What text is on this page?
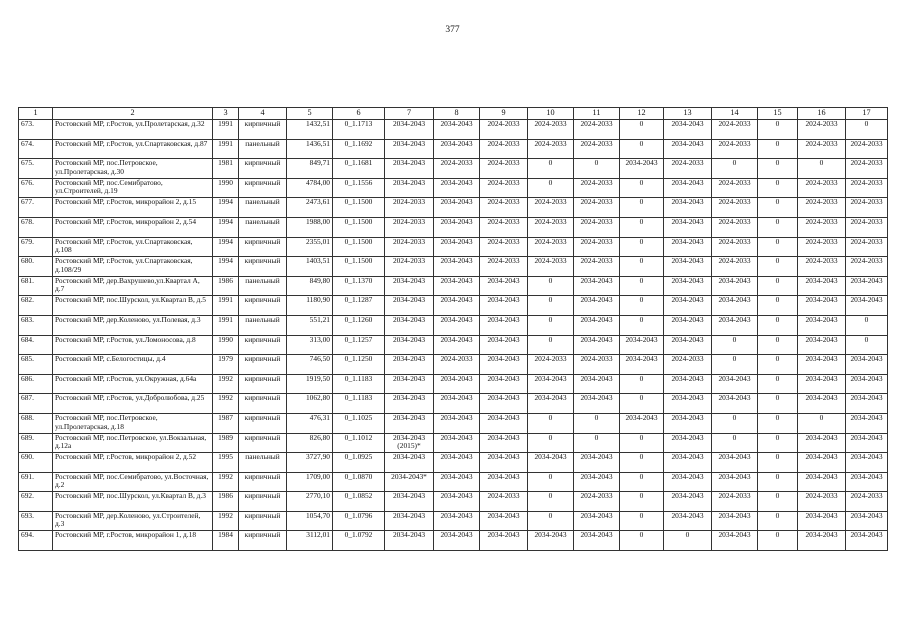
377
1	2	3	4	5	6	7	8	9	10	11	12	13	14	15	16	17
673.	Ростовский МР, г.Ростов, ул.Пролетарская, д.32	1991	кирпичный	1432,51	0_1.1713	2034-2043	2034-2043	2024-2033	2024-2033	2024-2033	0	2034-2043	2024-2033	0	2024-2033	0
674.	Ростовский МР, г.Ростов, ул.Спартаковская, д.87	1991	панельный	1436,51	0_1.1692	2034-2043	2034-2043	2024-2033	2024-2033	2024-2033	0	2034-2043	2024-2033	0	2024-2033	2024-2033
675.	Ростовский МР, пос.Петровское, ул.Пролетарская, д.30	1981	кирпичный	849,71	0_1.1681	2034-2043	2024-2033	2024-2033	0	0	2034-2043	2024-2033	0	0	0	2024-2033
676.	Ростовский МР, пос.Семибратово, ул.Строителей, д.19	1990	кирпичный	4784,00	0_1.1556	2034-2043	2034-2043	2024-2033	0	2024-2033	0	2034-2043	2024-2033	0	2024-2033	2024-2033
677.	Ростовский МР, г.Ростов, микрорайон 2, д.15	1994	панельный	2473,61	0_1.1500	2024-2033	2034-2043	2024-2033	2024-2033	2024-2033	0	2034-2043	2024-2033	0	2024-2033	2024-2033
678.	Ростовский МР, г.Ростов, микрорайон 2, д.54	1994	панельный	1988,00	0_1.1500	2024-2033	2034-2043	2024-2033	2024-2033	2024-2033	0	2034-2043	2024-2033	0	2024-2033	2024-2033
679.	Ростовский МР, г.Ростов, ул.Спартаковская, д.108	1994	кирпичный	2355,01	0_1.1500	2024-2033	2034-2043	2024-2033	2024-2033	2024-2033	0	2034-2043	2024-2033	0	2024-2033	2024-2033
680.	Ростовский МР, г.Ростов, ул.Спартаковская, д.108/29	1994	кирпичный	1403,51	0_1.1500	2024-2033	2034-2043	2024-2033	2024-2033	2024-2033	0	2034-2043	2024-2033	0	2024-2033	2024-2033
681.	Ростовский МР, дер.Вахрушево,ул.Квартал А, д.7	1986	панельный	849,80	0_1.1370	2034-2043	2034-2043	2034-2043	0	2034-2043	0	2034-2043	2034-2043	0	2034-2043	2034-2043
682.	Ростовский МР, пос.Шурскол, ул.Квартал В, д.5	1991	кирпичный	1180,90	0_1.1287	2034-2043	2034-2043	2034-2043	0	2034-2043	0	2034-2043	2034-2043	0	2034-2043	2034-2043
683.	Ростовский МР, дер.Коленово, ул.Полевая, д.3	1991	панельный	551,21	0_1.1260	2034-2043	2034-2043	2034-2043	0	2034-2043	0	2034-2043	2034-2043	0	2034-2043	0
684.	Ростовский МР, г.Ростов, ул.Ломоносова, д.8	1990	кирпичный	313,00	0_1.1257	2034-2043	2034-2043	2034-2043	0	2034-2043	2034-2043	2034-2043	0	0	2034-2043	0
685.	Ростовский МР, с.Белогостицы, д.4	1979	кирпичный	746,50	0_1.1250	2034-2043	2024-2033	2034-2043	2024-2033	2024-2033	2034-2043	2024-2033	0	0	2034-2043	2034-2043
686.	Ростовский МР, г.Ростов, ул.Окружная, д.64а	1992	кирпичный	1919,50	0_1.1183	2034-2043	2034-2043	2034-2043	2034-2043	2034-2043	0	2034-2043	2034-2043	0	2034-2043	2034-2043
687.	Ростовский МР, г.Ростов, ул.Добролюбова, д.25	1992	кирпичный	1062,80	0_1.1183	2034-2043	2034-2043	2034-2043	2034-2043	2034-2043	0	2034-2043	2034-2043	0	2034-2043	2034-2043
688.	Ростовский МР, пос.Петровское, ул.Пролетарская, д.18	1987	кирпичный	476,31	0_1.1025	2034-2043	2034-2043	2034-2043	0	0	2034-2043	2034-2043	0	0	0	2034-2043
689.	Ростовский МР, пос.Петровское, ул.Вокзальная, д.12а	1989	кирпичный	826,80	0_1.1012	2034-2043 (2015)*	2034-2043	2034-2043	0	0	0	2034-2043	0	0	2034-2043	2034-2043
690.	Ростовский МР, г.Ростов, микрорайон 2, д.52	1995	панельный	3727,90	0_1.0925	2034-2043	2034-2043	2034-2043	2034-2043	2034-2043	0	2034-2043	2034-2043	0	2034-2043	2034-2043
691.	Ростовский МР, пос.Семибратово, ул.Восточная, д.2	1992	кирпичный	1709,00	0_1.0870	2034-2043*	2034-2043	2034-2043	0	2034-2043	0	2034-2043	2034-2043	0	2034-2043	2034-2043
692.	Ростовский МР, пос.Шурскол, ул.Квартал В, д.3	1986	кирпичный	2770,10	0_1.0852	2034-2043	2034-2043	2024-2033	0	2024-2033	0	2034-2043	2024-2033	0	2024-2033	2024-2033
693.	Ростовский МР, дер.Коленово, ул.Строителей, д.3	1992	кирпичный	1054,70	0_1.0796	2034-2043	2034-2043	2034-2043	0	2034-2043	0	2034-2043	2034-2043	0	2034-2043	2034-2043
694.	Ростовский МР, г.Ростов, микрорайон 1, д.18	1984	кирпичный	3112,01	0_1.0792	2034-2043	2034-2043	2034-2043	2034-2043	2034-2043	0	0	2034-2043	0	2034-2043	2034-2043
